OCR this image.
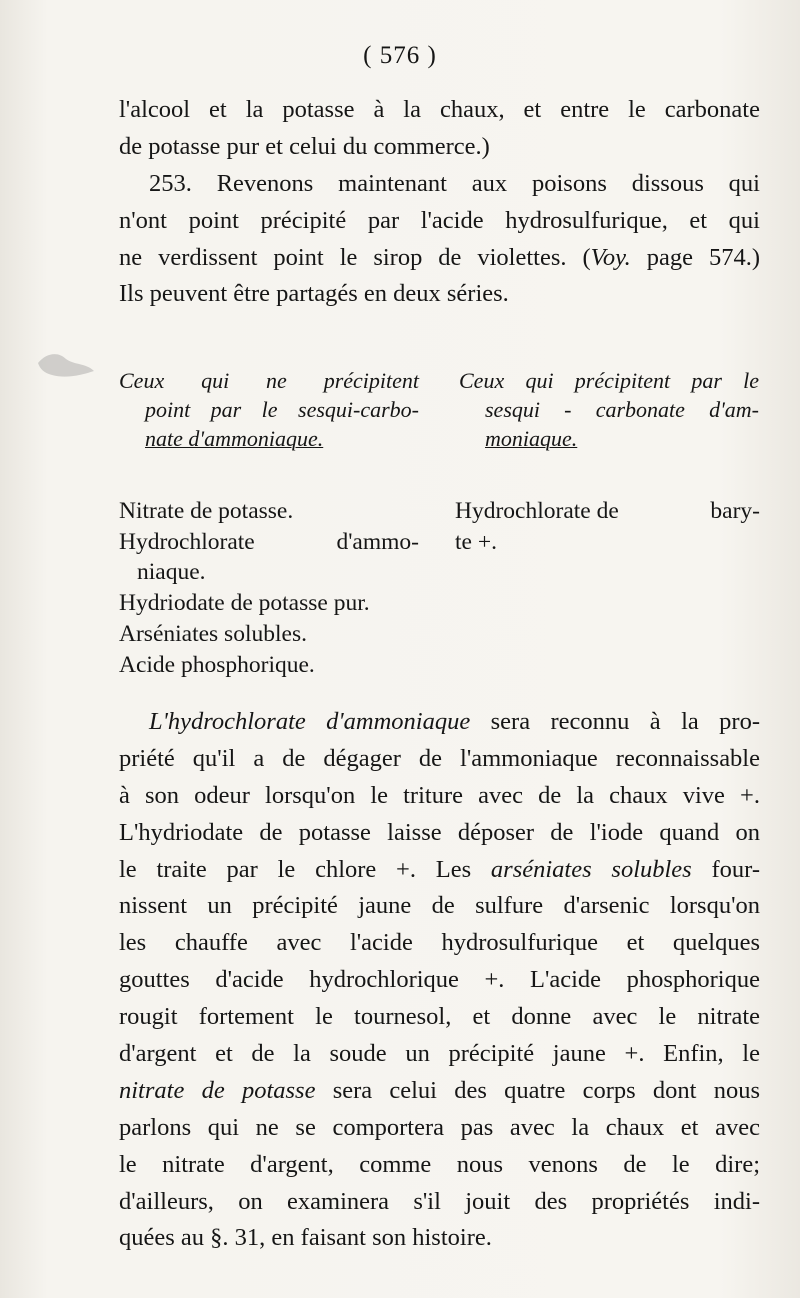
( 576 )
l'alcool et la potasse à la chaux, et entre le carbonate
de potasse pur et celui du commerce.)
253. Revenons maintenant aux poisons dissous qui
n'ont point précipité par l'acide hydrosulfurique, et qui
ne verdissent point le sirop de violettes. (Voy. page 574.)
Ils peuvent être partagés en deux séries.
Ceux qui ne précipitent
point par le sesqui-carbo-
nate d'ammoniaque.
Ceux qui précipitent par le
sesqui - carbonate d'am-
moniaque.
Nitrate de potasse.
Hydrochlorate	d'ammo-
niaque.
Hydriodate de potasse pur.
Arséniates solubles.
Acide phosphorique.
Hydrochlorate de	bary-
te +.
L'hydrochlorate d'ammoniaque sera reconnu à la pro-
priété qu'il a de dégager de l'ammoniaque reconnaissable
à son odeur lorsqu'on le triture avec de la chaux vive +.
L'hydriodate de potasse laisse déposer de l'iode quand on
le traite par le chlore +. Les arséniates solubles four-
nissent un précipité jaune de sulfure d'arsenic lorsqu'on
les chauffe avec l'acide hydrosulfurique et quelques
gouttes d'acide hydrochlorique +. L'acide phosphorique
rougit fortement le tournesol, et donne avec le nitrate
d'argent et de la soude un précipité jaune +. Enfin, le
nitrate de potasse sera celui des quatre corps dont nous
parlons qui ne se comportera pas avec la chaux et avec
le nitrate d'argent, comme nous venons de le dire;
d'ailleurs, on examinera s'il jouit des propriétés indi-
quées au §. 31, en faisant son histoire.
